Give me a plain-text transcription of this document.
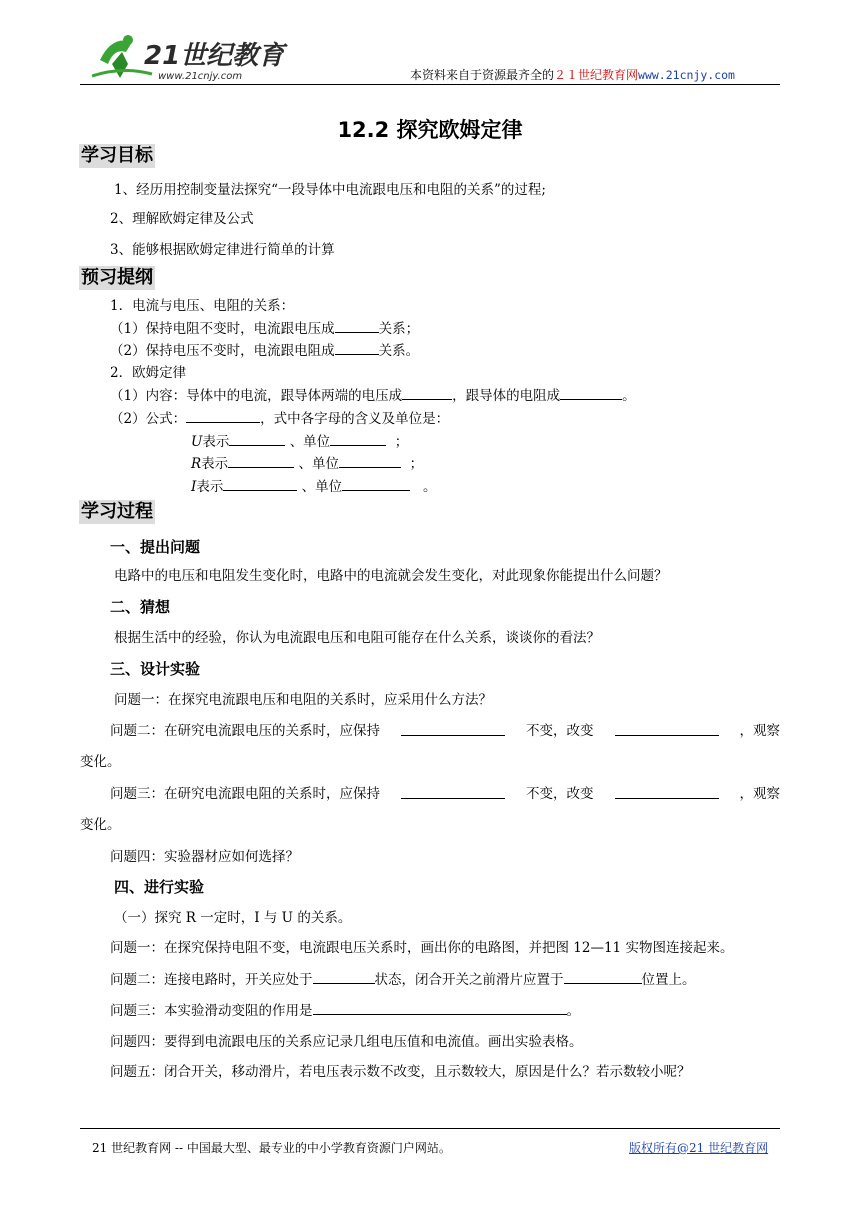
21世纪教育
www.21cnjy.com	本资料来自于资源最齐全的２１世纪教育网www.21cnjy.com
12.2 探究欧姆定律
学习目标
1、经历用控制变量法探究“一段导体中电流跟电压和电阻的关系”的过程;
2、理解欧姆定律及公式
3、能够根据欧姆定律进行简单的计算
预习提纲
1．电流与电压、电阻的关系：
（1）保持电阻不变时，电流跟电压成	关系；
（2）保持电压不变时，电流跟电阻成	关系。
2．欧姆定律
（1）内容：导体中的电流，跟导体两端的电压成	，跟导体的电阻成	。
（2）公式：	，式中各字母的含义及单位是：
U表示	、单位	；
R表示	、单位	；
I表示	、单位	。
学习过程
一、提出问题
电路中的电压和电阻发生变化时，电路中的电流就会发生变化，对此现象你能提出什么问题？
二、猜想
根据生活中的经验，你认为电流跟电压和电阻可能存在什么关系，谈谈你的看法？
三、设计实验
问题一：在探究电流跟电压和电阻的关系时，应采用什么方法？
问题二：在研究电流跟电压的关系时，应保持	不变，改变	，观察
变化。
问题三：在研究电流跟电阻的关系时，应保持	不变，改变	，观察
变化。
问题四：实验器材应如何选择？
四、进行实验
（一）探究 R 一定时，I 与 U 的关系。
问题一：在探究保持电阻不变，电流跟电压关系时，画出你的电路图，并把图 12—11 实物图连接起来。
问题二：连接电路时，开关应处于	状态，闭合开关之前滑片应置于	位置上。
问题三：本实验滑动变阻的作用是	。
问题四：要得到电流跟电压的关系应记录几组电压值和电流值。画出实验表格。
问题五：闭合开关，移动滑片，若电压表示数不改变，且示数较大，原因是什么？若示数较小呢？
21 世纪教育网 -- 中国最大型、最专业的中小学教育资源门户网站。	版权所有@21 世纪教育网
